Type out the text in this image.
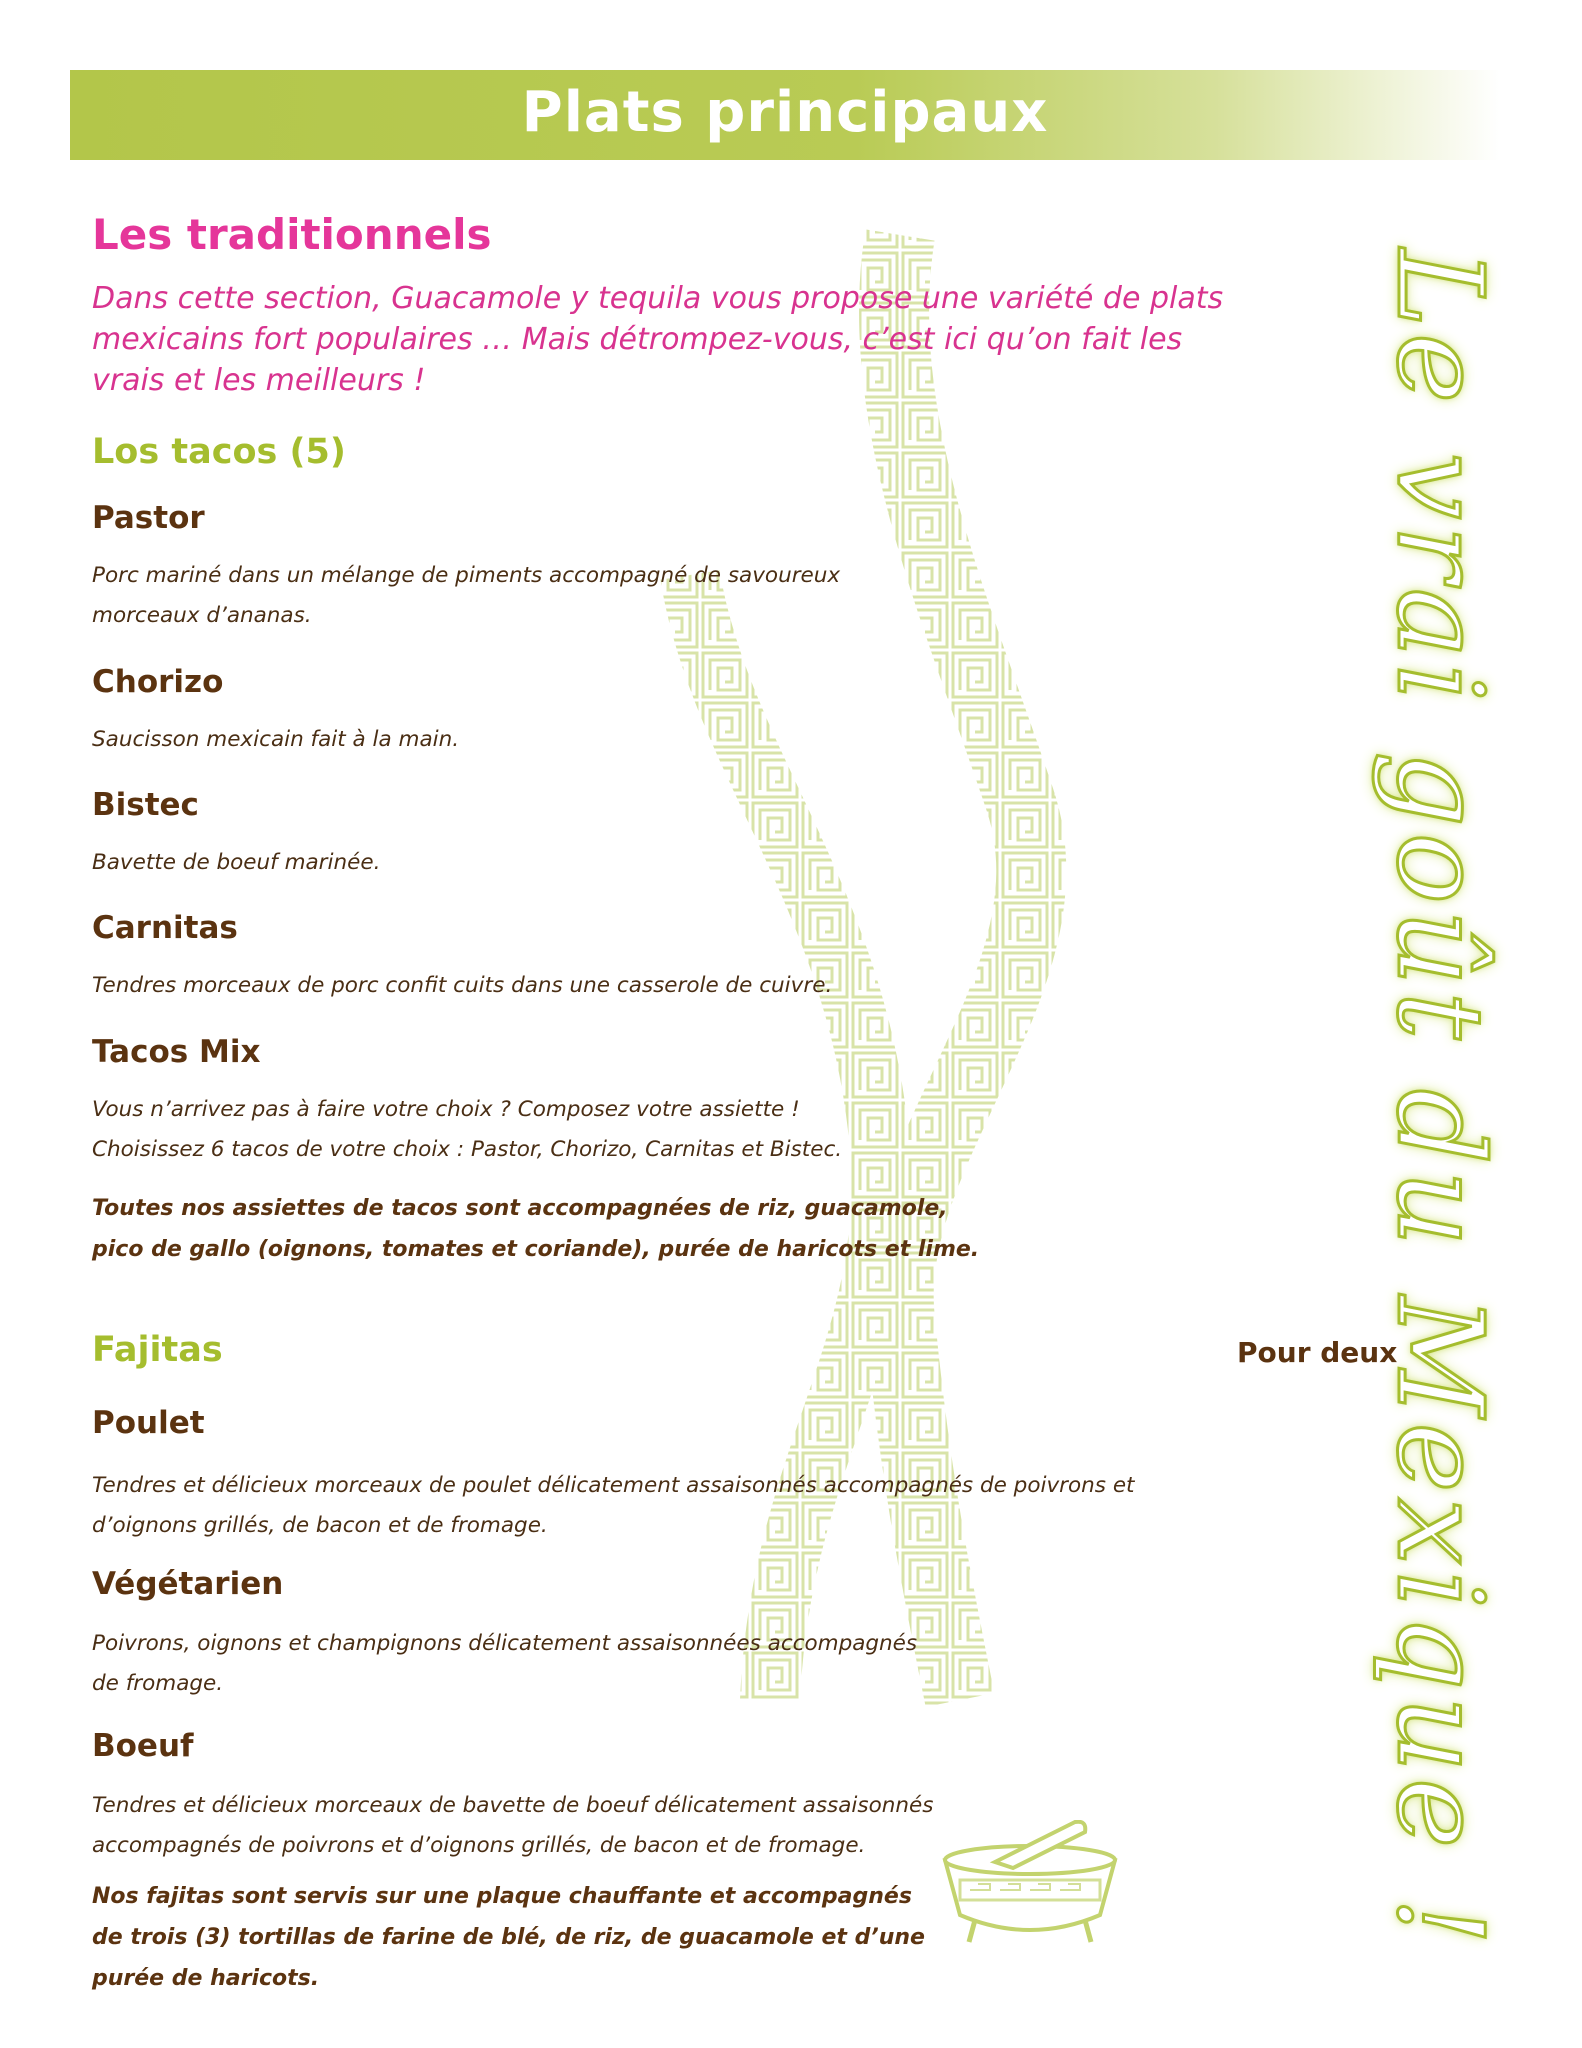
Le vrai goût du Mexique !
Plats principaux
Les traditionnels
Dans cette section, Guacamole y tequila vous propose une variété de plats
mexicains fort populaires … Mais détrompez-vous, c’est ici qu’on fait les
vrais et les meilleurs !
Los tacos (5)
Pastor
Porc mariné dans un mélange de piments accompagné de savoureux
morceaux d’ananas.
Chorizo
Saucisson mexicain fait à la main.
Bistec
Bavette de boeuf marinée.
Carnitas
Tendres morceaux de porc confit cuits dans une casserole de cuivre.
Tacos Mix
Vous n’arrivez pas à faire votre choix ? Composez votre assiette !
Choisissez 6 tacos de votre choix : Pastor, Chorizo, Carnitas et Bistec.
Toutes nos assiettes de tacos sont accompagnées de riz, guacamole,
pico de gallo (oignons, tomates et coriande), purée de haricots et lime.
Fajitas	Pour deux
Poulet
Tendres et délicieux morceaux de poulet délicatement assaisonnés accompagnés de poivrons et
d’oignons grillés, de bacon et de fromage.
Végétarien
Poivrons, oignons et champignons délicatement assaisonnées accompagnés
de fromage.
Boeuf
Tendres et délicieux morceaux de bavette de boeuf délicatement assaisonnés
accompagnés de poivrons et d’oignons grillés, de bacon et de fromage.
Nos fajitas sont servis sur une plaque chauffante et accompagnés
de trois (3) tortillas de farine de blé, de riz, de guacamole et d’une
purée de haricots.
